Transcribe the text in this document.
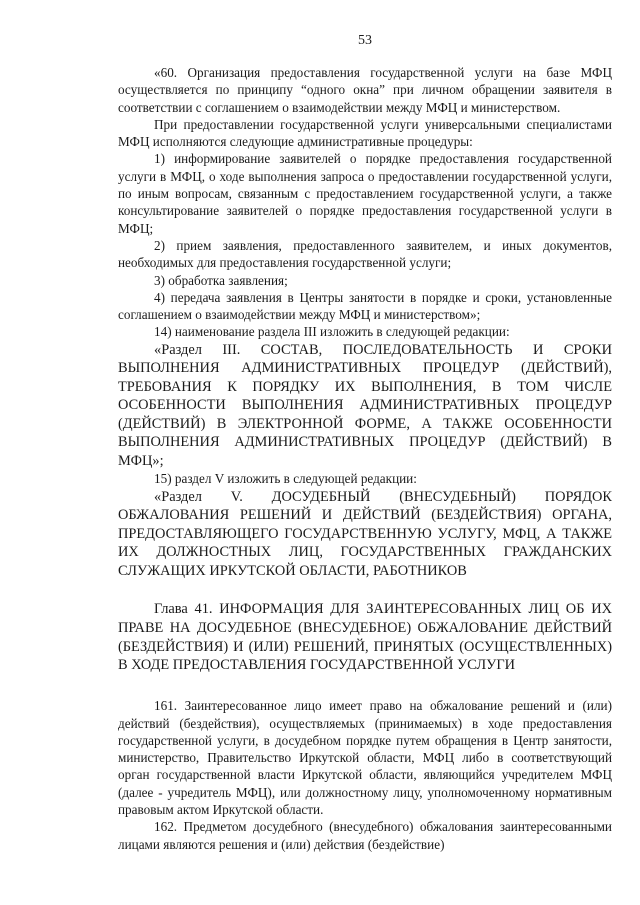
53

«60. Организация предоставления государственной услуги на базе МФЦ осуществляется по принципу “одного окна” при личном обращении заявителя в соответствии с соглашением о взаимодействии между МФЦ и министерством.

При предоставлении государственной услуги универсальными специалистами МФЦ исполняются следующие административные процедуры:

1) информирование заявителей о порядке предоставления государственной услуги в МФЦ, о ходе выполнения запроса о предоставлении государственной услуги, по иным вопросам, связанным с предоставлением государственной услуги, а также консультирование заявителей о порядке предоставления государственной услуги в МФЦ;

2) прием заявления, предоставленного заявителем, и иных документов, необходимых для предоставления государственной услуги;

3) обработка заявления;

4) передача заявления в Центры занятости в порядке и сроки, установленные соглашением о взаимодействии между МФЦ и министерством»;

14) наименование раздела III изложить в следующей редакции:

«Раздел III. СОСТАВ, ПОСЛЕДОВАТЕЛЬНОСТЬ И СРОКИ ВЫПОЛНЕНИЯ АДМИНИСТРАТИВНЫХ ПРОЦЕДУР (ДЕЙСТВИЙ), ТРЕБОВАНИЯ К ПОРЯДКУ ИХ ВЫПОЛНЕНИЯ, В ТОМ ЧИСЛЕ ОСОБЕННОСТИ ВЫПОЛНЕНИЯ АДМИНИСТРАТИВНЫХ ПРОЦЕДУР (ДЕЙСТВИЙ) В ЭЛЕКТРОННОЙ ФОРМЕ, А ТАКЖЕ ОСОБЕННОСТИ ВЫПОЛНЕНИЯ АДМИНИСТРАТИВНЫХ ПРОЦЕДУР (ДЕЙСТВИЙ) В МФЦ»;

15) раздел V изложить в следующей редакции:

«Раздел V. ДОСУДЕБНЫЙ (ВНЕСУДЕБНЫЙ) ПОРЯДОК ОБЖАЛОВАНИЯ РЕШЕНИЙ И ДЕЙСТВИЙ (БЕЗДЕЙСТВИЯ) ОРГАНА, ПРЕДОСТАВЛЯЮЩЕГО ГОСУДАРСТВЕННУЮ УСЛУГУ, МФЦ, А ТАКЖЕ ИХ ДОЛЖНОСТНЫХ ЛИЦ, ГОСУДАРСТВЕННЫХ ГРАЖДАНСКИХ СЛУЖАЩИХ ИРКУТСКОЙ ОБЛАСТИ, РАБОТНИКОВ

Глава 41. ИНФОРМАЦИЯ ДЛЯ ЗАИНТЕРЕСОВАННЫХ ЛИЦ ОБ ИХ ПРАВЕ НА ДОСУДЕБНОЕ (ВНЕСУДЕБНОЕ) ОБЖАЛОВАНИЕ ДЕЙСТВИЙ (БЕЗДЕЙСТВИЯ) И (ИЛИ) РЕШЕНИЙ, ПРИНЯТЫХ (ОСУЩЕСТВЛЕННЫХ) В ХОДЕ ПРЕДОСТАВЛЕНИЯ ГОСУДАРСТВЕННОЙ УСЛУГИ

161. Заинтересованное лицо имеет право на обжалование решений и (или) действий (бездействия), осуществляемых (принимаемых) в ходе предоставления государственной услуги, в досудебном порядке путем обращения в Центр занятости, министерство, Правительство Иркутской области, МФЦ либо в соответствующий орган государственной власти Иркутской области, являющийся учредителем МФЦ (далее - учредитель МФЦ), или должностному лицу, уполномоченному нормативным правовым актом Иркутской области.

162. Предметом досудебного (внесудебного) обжалования заинтересованными лицами являются решения и (или) действия (бездействие)
